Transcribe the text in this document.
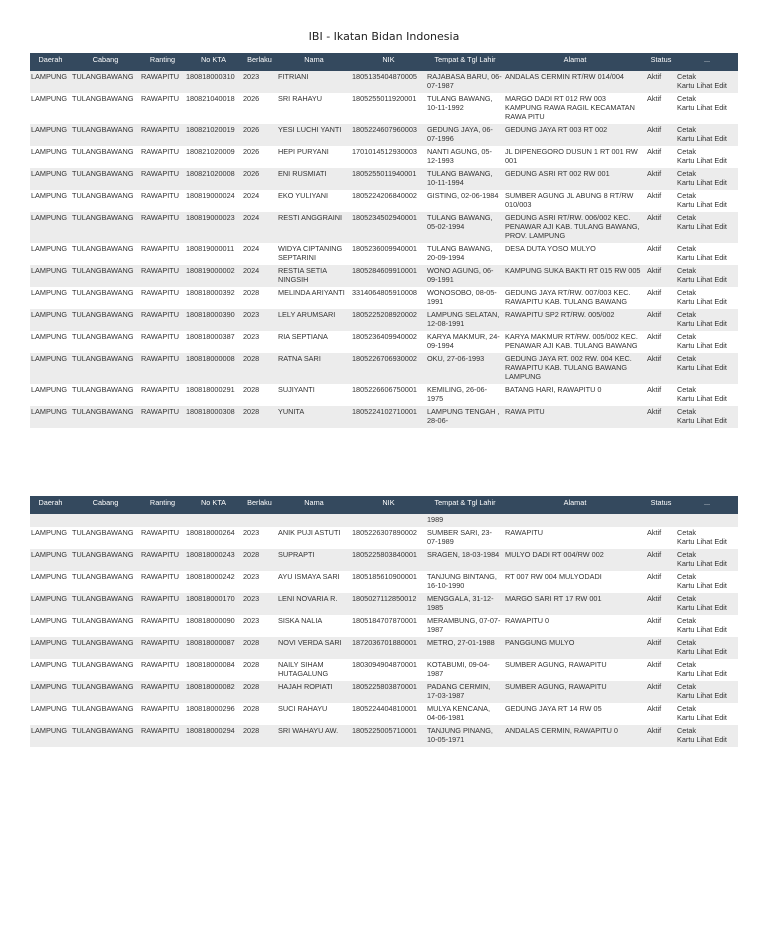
IBI - Ikatan Bidan Indonesia
Daerah	Cabang	Ranting	No KTA	Berlaku	Nama	NIK	Tempat & Tgl Lahir	Alamat	Status	...
LAMPUNG	TULANGBAWANG	RAWAPITU	180818000310	2023	FITRIANI	1805135404870005	RAJABASA BARU, 06-07-1987	ANDALAS CERMIN RT/RW 014/004	Aktif	Cetak
Kartu Lihat Edit
LAMPUNG	TULANGBAWANG	RAWAPITU	180821040018	2026	SRI RAHAYU	1805255011920001	TULANG BAWANG, 10-11-1992	MARGO DADI RT 012 RW 003 KAMPUNG RAWA RAGIL KECAMATAN RAWA PITU	Aktif	Cetak
Kartu Lihat Edit
LAMPUNG	TULANGBAWANG	RAWAPITU	180821020019	2026	YESI LUCHI YANTI	1805224607960003	GEDUNG JAYA, 06-07-1996	GEDUNG JAYA RT 003 RT 002	Aktif	Cetak
Kartu Lihat Edit
LAMPUNG	TULANGBAWANG	RAWAPITU	180821020009	2026	HEPI PURYANI	1701014512930003	NANTI AGUNG, 05-12-1993	JL DIPENEGORO DUSUN 1 RT 001 RW 001	Aktif	Cetak
Kartu Lihat Edit
LAMPUNG	TULANGBAWANG	RAWAPITU	180821020008	2026	ENI RUSMIATI	1805255011940001	TULANG BAWANG, 10-11-1994	GEDUNG ASRI RT 002 RW 001	Aktif	Cetak
Kartu Lihat Edit
LAMPUNG	TULANGBAWANG	RAWAPITU	180819000024	2024	EKO YULIYANI	1805224206840002	GISTING, 02-06-1984	SUMBER AGUNG JL ABUNG 8 RT/RW 010/003	Aktif	Cetak
Kartu Lihat Edit
LAMPUNG	TULANGBAWANG	RAWAPITU	180819000023	2024	RESTI ANGGRAINI	1805234502940001	TULANG BAWANG, 05-02-1994	GEDUNG ASRI RT/RW. 006/002 KEC. PENAWAR AJI KAB. TULANG BAWANG, PROV. LAMPUNG	Aktif	Cetak
Kartu Lihat Edit
LAMPUNG	TULANGBAWANG	RAWAPITU	180819000011	2024	WIDYA CIPTANING SEPTARINI	1805236009940001	TULANG BAWANG, 20-09-1994	DESA DUTA YOSO MULYO	Aktif	Cetak
Kartu Lihat Edit
LAMPUNG	TULANGBAWANG	RAWAPITU	180819000002	2024	RESTIA SETIA NINGSIH	1805284609910001	WONO AGUNG, 06-09-1991	KAMPUNG SUKA BAKTI RT 015 RW 005	Aktif	Cetak
Kartu Lihat Edit
LAMPUNG	TULANGBAWANG	RAWAPITU	180818000392	2028	MELINDA ARIYANTI	3314064805910008	WONOSOBO, 08-05-1991	GEDUNG JAYA RT/RW. 007/003 KEC. RAWAPITU KAB. TULANG BAWANG	Aktif	Cetak
Kartu Lihat Edit
LAMPUNG	TULANGBAWANG	RAWAPITU	180818000390	2023	LELY ARUMSARI	1805225208920002	LAMPUNG SELATAN, 12-08-1991	RAWAPITU SP2 RT/RW. 005/002	Aktif	Cetak
Kartu Lihat Edit
LAMPUNG	TULANGBAWANG	RAWAPITU	180818000387	2023	RIA SEPTIANA	1805236409940002	KARYA MAKMUR, 24-09-1994	KARYA MAKMUR RT/RW. 005/002 KEC. PENAWAR AJI KAB. TULANG BAWANG	Aktif	Cetak
Kartu Lihat Edit
LAMPUNG	TULANGBAWANG	RAWAPITU	180818000008	2028	RATNA SARI	1805226706930002	OKU, 27-06-1993	GEDUNG JAYA RT. 002 RW. 004 KEC. RAWAPITU KAB. TULANG BAWANG LAMPUNG	Aktif	Cetak
Kartu Lihat Edit
LAMPUNG	TULANGBAWANG	RAWAPITU	180818000291	2028	SUJIYANTI	1805226606750001	KEMILING, 26-06-1975	BATANG HARI, RAWAPITU 0	Aktif	Cetak
Kartu Lihat Edit
LAMPUNG	TULANGBAWANG	RAWAPITU	180818000308	2028	YUNITA	1805224102710001	LAMPUNG TENGAH , 28-06-	RAWA PITU	Aktif	Cetak
Kartu Lihat Edit
Daerah	Cabang	Ranting	No KTA	Berlaku	Nama	NIK	Tempat & Tgl Lahir	Alamat	Status	...
							1989			
LAMPUNG	TULANGBAWANG	RAWAPITU	180818000264	2023	ANIK PUJI ASTUTI	1805226307890002	SUMBER SARI, 23-07-1989	RAWAPITU	Aktif	Cetak
Kartu Lihat Edit
LAMPUNG	TULANGBAWANG	RAWAPITU	180818000243	2028	SUPRAPTI	1805225803840001	SRAGEN, 18-03-1984	MULYO DADI RT 004/RW 002	Aktif	Cetak
Kartu Lihat Edit
LAMPUNG	TULANGBAWANG	RAWAPITU	180818000242	2023	AYU ISMAYA SARI	1805185610900001	TANJUNG BINTANG, 16-10-1990	RT 007 RW 004 MULYODADI	Aktif	Cetak
Kartu Lihat Edit
LAMPUNG	TULANGBAWANG	RAWAPITU	180818000170	2023	LENI NOVARIA R.	1805027112850012	MENGGALA, 31-12-1985	MARGO SARI RT 17 RW 001	Aktif	Cetak
Kartu Lihat Edit
LAMPUNG	TULANGBAWANG	RAWAPITU	180818000090	2023	SISKA NALIA	1805184707870001	MERAMBUNG, 07-07-1987	RAWAPITU 0	Aktif	Cetak
Kartu Lihat Edit
LAMPUNG	TULANGBAWANG	RAWAPITU	180818000087	2028	NOVI VERDA SARI	1872036701880001	METRO, 27-01-1988	PANGGUNG MULYO	Aktif	Cetak
Kartu Lihat Edit
LAMPUNG	TULANGBAWANG	RAWAPITU	180818000084	2028	NAILY SIHAM HUTAGALUNG	1803094904870001	KOTABUMI, 09-04-1987	SUMBER AGUNG, RAWAPITU	Aktif	Cetak
Kartu Lihat Edit
LAMPUNG	TULANGBAWANG	RAWAPITU	180818000082	2028	HAJAH ROPIATI	1805225803870001	PADANG CERMIN, 17-03-1987	SUMBER AGUNG, RAWAPITU	Aktif	Cetak
Kartu Lihat Edit
LAMPUNG	TULANGBAWANG	RAWAPITU	180818000296	2028	SUCI RAHAYU	1805224404810001	MULYA KENCANA, 04-06-1981	GEDUNG JAYA RT 14 RW 05	Aktif	Cetak
Kartu Lihat Edit
LAMPUNG	TULANGBAWANG	RAWAPITU	180818000294	2028	SRI WAHAYU AW.	1805225005710001	TANJUNG PINANG, 10-05-1971	ANDALAS CERMIN, RAWAPITU 0	Aktif	Cetak
Kartu Lihat Edit
